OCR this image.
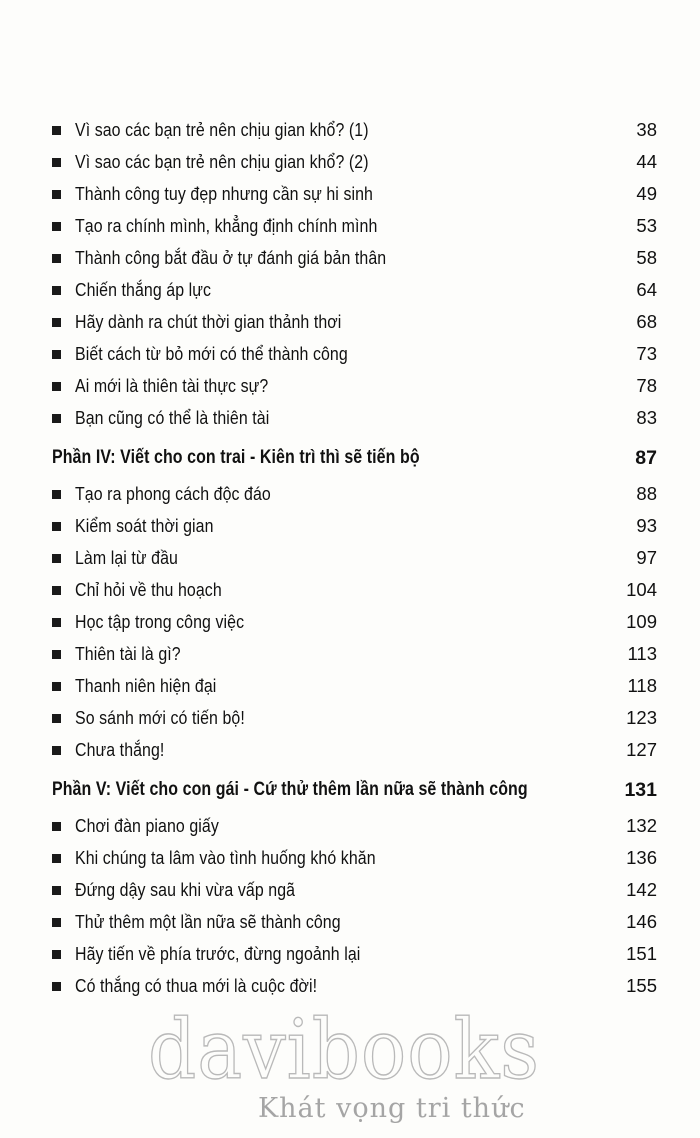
Vì sao các bạn trẻ nên chịu gian khổ? (1)	38
Vì sao các bạn trẻ nên chịu gian khổ? (2)	44
Thành công tuy đẹp nhưng cần sự hi sinh	49
Tạo ra chính mình, khẳng định chính mình	53
Thành công bắt đầu ở tự đánh giá bản thân	58
Chiến thắng áp lực	64
Hãy dành ra chút thời gian thảnh thơi	68
Biết cách từ bỏ mới có thể thành công	73
Ai mới là thiên tài thực sự?	78
Bạn cũng có thể là thiên tài	83
Phần IV: Viết cho con trai - Kiên trì thì sẽ tiến bộ	87
Tạo ra phong cách độc đáo	88
Kiểm soát thời gian	93
Làm lại từ đầu	97
Chỉ hỏi về thu hoạch	104
Học tập trong công việc	109
Thiên tài là gì?	113
Thanh niên hiện đại	118
So sánh mới có tiến bộ!	123
Chưa thắng!	127
Phần V: Viết cho con gái - Cứ thử thêm lần nữa sẽ thành công	131
Chơi đàn piano giấy	132
Khi chúng ta lâm vào tình huống khó khăn	136
Đứng dậy sau khi vừa vấp ngã	142
Thử thêm một lần nữa sẽ thành công	146
Hãy tiến về phía trước, đừng ngoảnh lại	151
Có thắng có thua mới là cuộc đời!	155
davibooks
Khát vọng tri thức
